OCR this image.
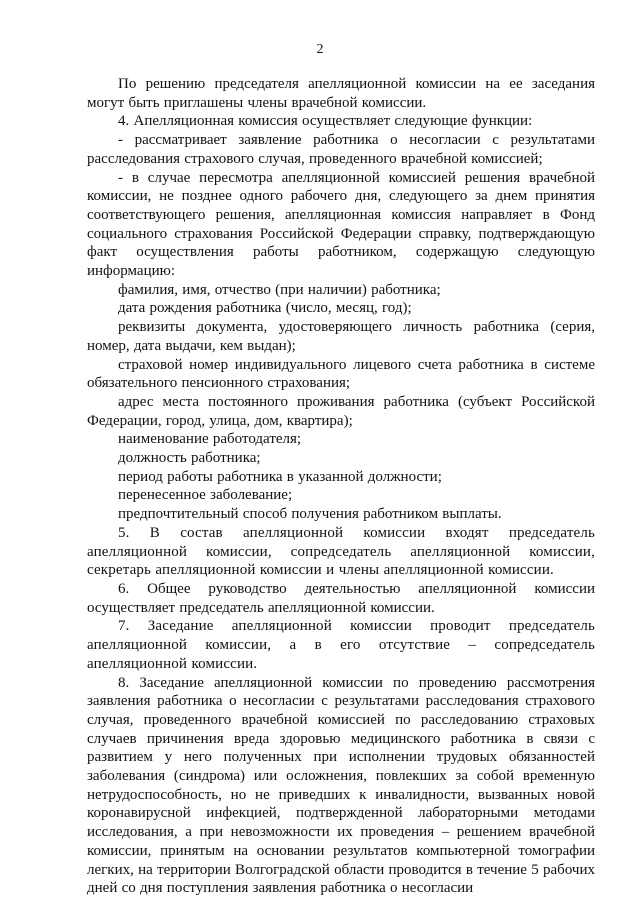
2

По решению председателя апелляционной комиссии на ее заседания могут быть приглашены члены врачебной комиссии.

4. Апелляционная комиссия осуществляет следующие функции:

- рассматривает заявление работника о несогласии с результатами расследования страхового случая, проведенного врачебной комиссией;

- в случае пересмотра апелляционной комиссией решения врачебной комиссии, не позднее одного рабочего дня, следующего за днем принятия соответствующего решения, апелляционная комиссия направляет в Фонд социального страхования Российской Федерации справку, подтверждающую факт осуществления работы работником, содержащую следующую информацию:

фамилия, имя, отчество (при наличии) работника;

дата рождения работника (число, месяц, год);

реквизиты документа, удостоверяющего личность работника (серия, номер, дата выдачи, кем выдан);

страховой номер индивидуального лицевого счета работника в системе обязательного пенсионного страхования;

адрес места постоянного проживания работника (субъект Российской Федерации, город, улица, дом, квартира);

наименование работодателя;

должность работника;

период работы работника в указанной должности;

перенесенное заболевание;

предпочтительный способ получения работником выплаты.

5. В состав апелляционной комиссии входят председатель апелляционной комиссии, сопредседатель апелляционной комиссии, секретарь апелляционной комиссии и члены апелляционной комиссии.

6. Общее руководство деятельностью апелляционной комиссии осуществляет председатель апелляционной комиссии.

7. Заседание апелляционной комиссии проводит председатель апелляционной комиссии, а в его отсутствие – сопредседатель апелляционной комиссии.

8. Заседание апелляционной комиссии по проведению рассмотрения заявления работника о несогласии с результатами расследования страхового случая, проведенного врачебной комиссией по расследованию страховых случаев причинения вреда здоровью медицинского работника в связи с развитием у него полученных при исполнении трудовых обязанностей заболевания (синдрома) или осложнения, повлекших за собой временную нетрудоспособность, но не приведших к инвалидности, вызванных новой коронавирусной инфекцией, подтвержденной лабораторными методами исследования, а при невозможности их проведения – решением врачебной комиссии, принятым на основании результатов компьютерной томографии легких, на территории Волгоградской области проводится в течение 5 рабочих дней со дня поступления заявления работника о несогласии
